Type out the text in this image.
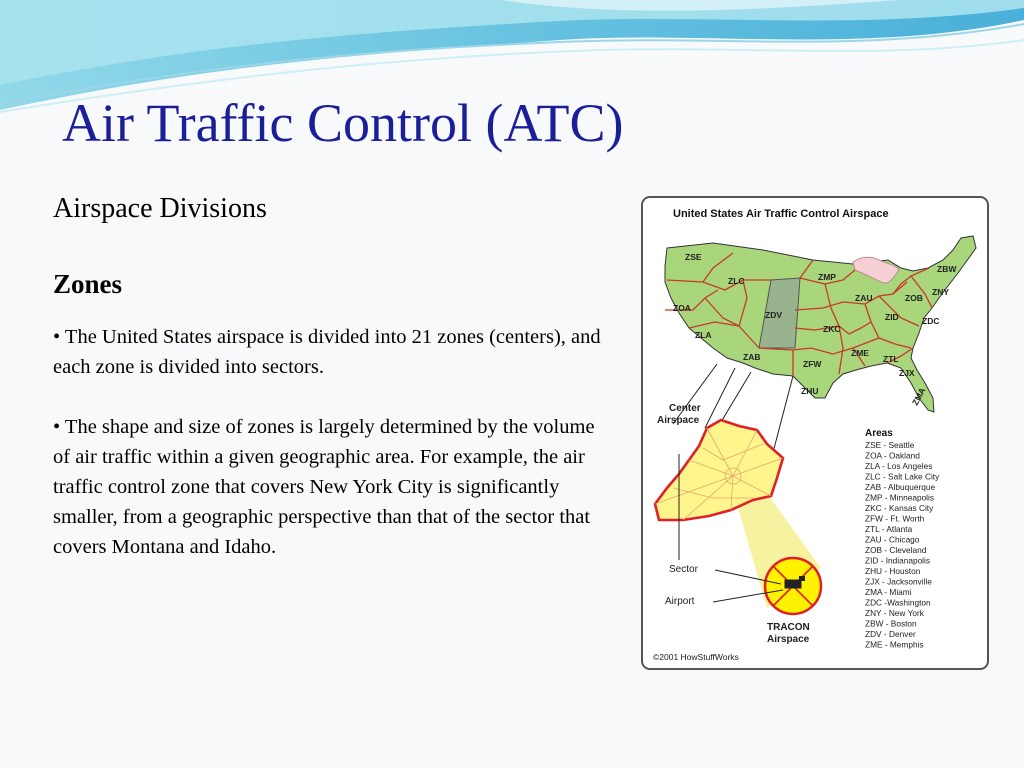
Air Traffic Control (ATC)

Airspace Divisions

Zones

• The United States airspace is divided into 21 zones (centers), and each zone is divided into sectors.

• The shape and size of zones is largely determined by the volume of air traffic within a given geographic area. For example, the air traffic control zone that covers New York City is significantly smaller, from a geographic perspective than that of the sector that covers Montana and Idaho.

United States Air Traffic Control Airspace
ZSE
ZLC	ZMP
ZBW
ZNY
ZOA
ZAU	ZOB
ZDV	ZID	ZDC
ZLA
ZKC
ZAB	ZME
ZFW	ZTL
ZJX
ZHU	ZMA
Center
Airspace
Sector
Airport
TRACON
Airspace
Areas
ZSE - Seattle
ZOA - Oakland
ZLA - Los Angeles
ZLC - Salt Lake City
ZAB - Albuquerque
ZMP - Minneapolis
ZKC - Kansas City
ZFW - Ft. Worth
ZTL - Atlanta
ZAU - Chicago
ZOB - Cleveland
ZID - Indianapolis
ZHU - Houston
ZJX - Jacksonville
ZMA - Miami
ZDC -Washington
ZNY - New York
ZBW - Boston
ZDV - Denver
ZME - Memphis
©2001 HowStuffWorks
